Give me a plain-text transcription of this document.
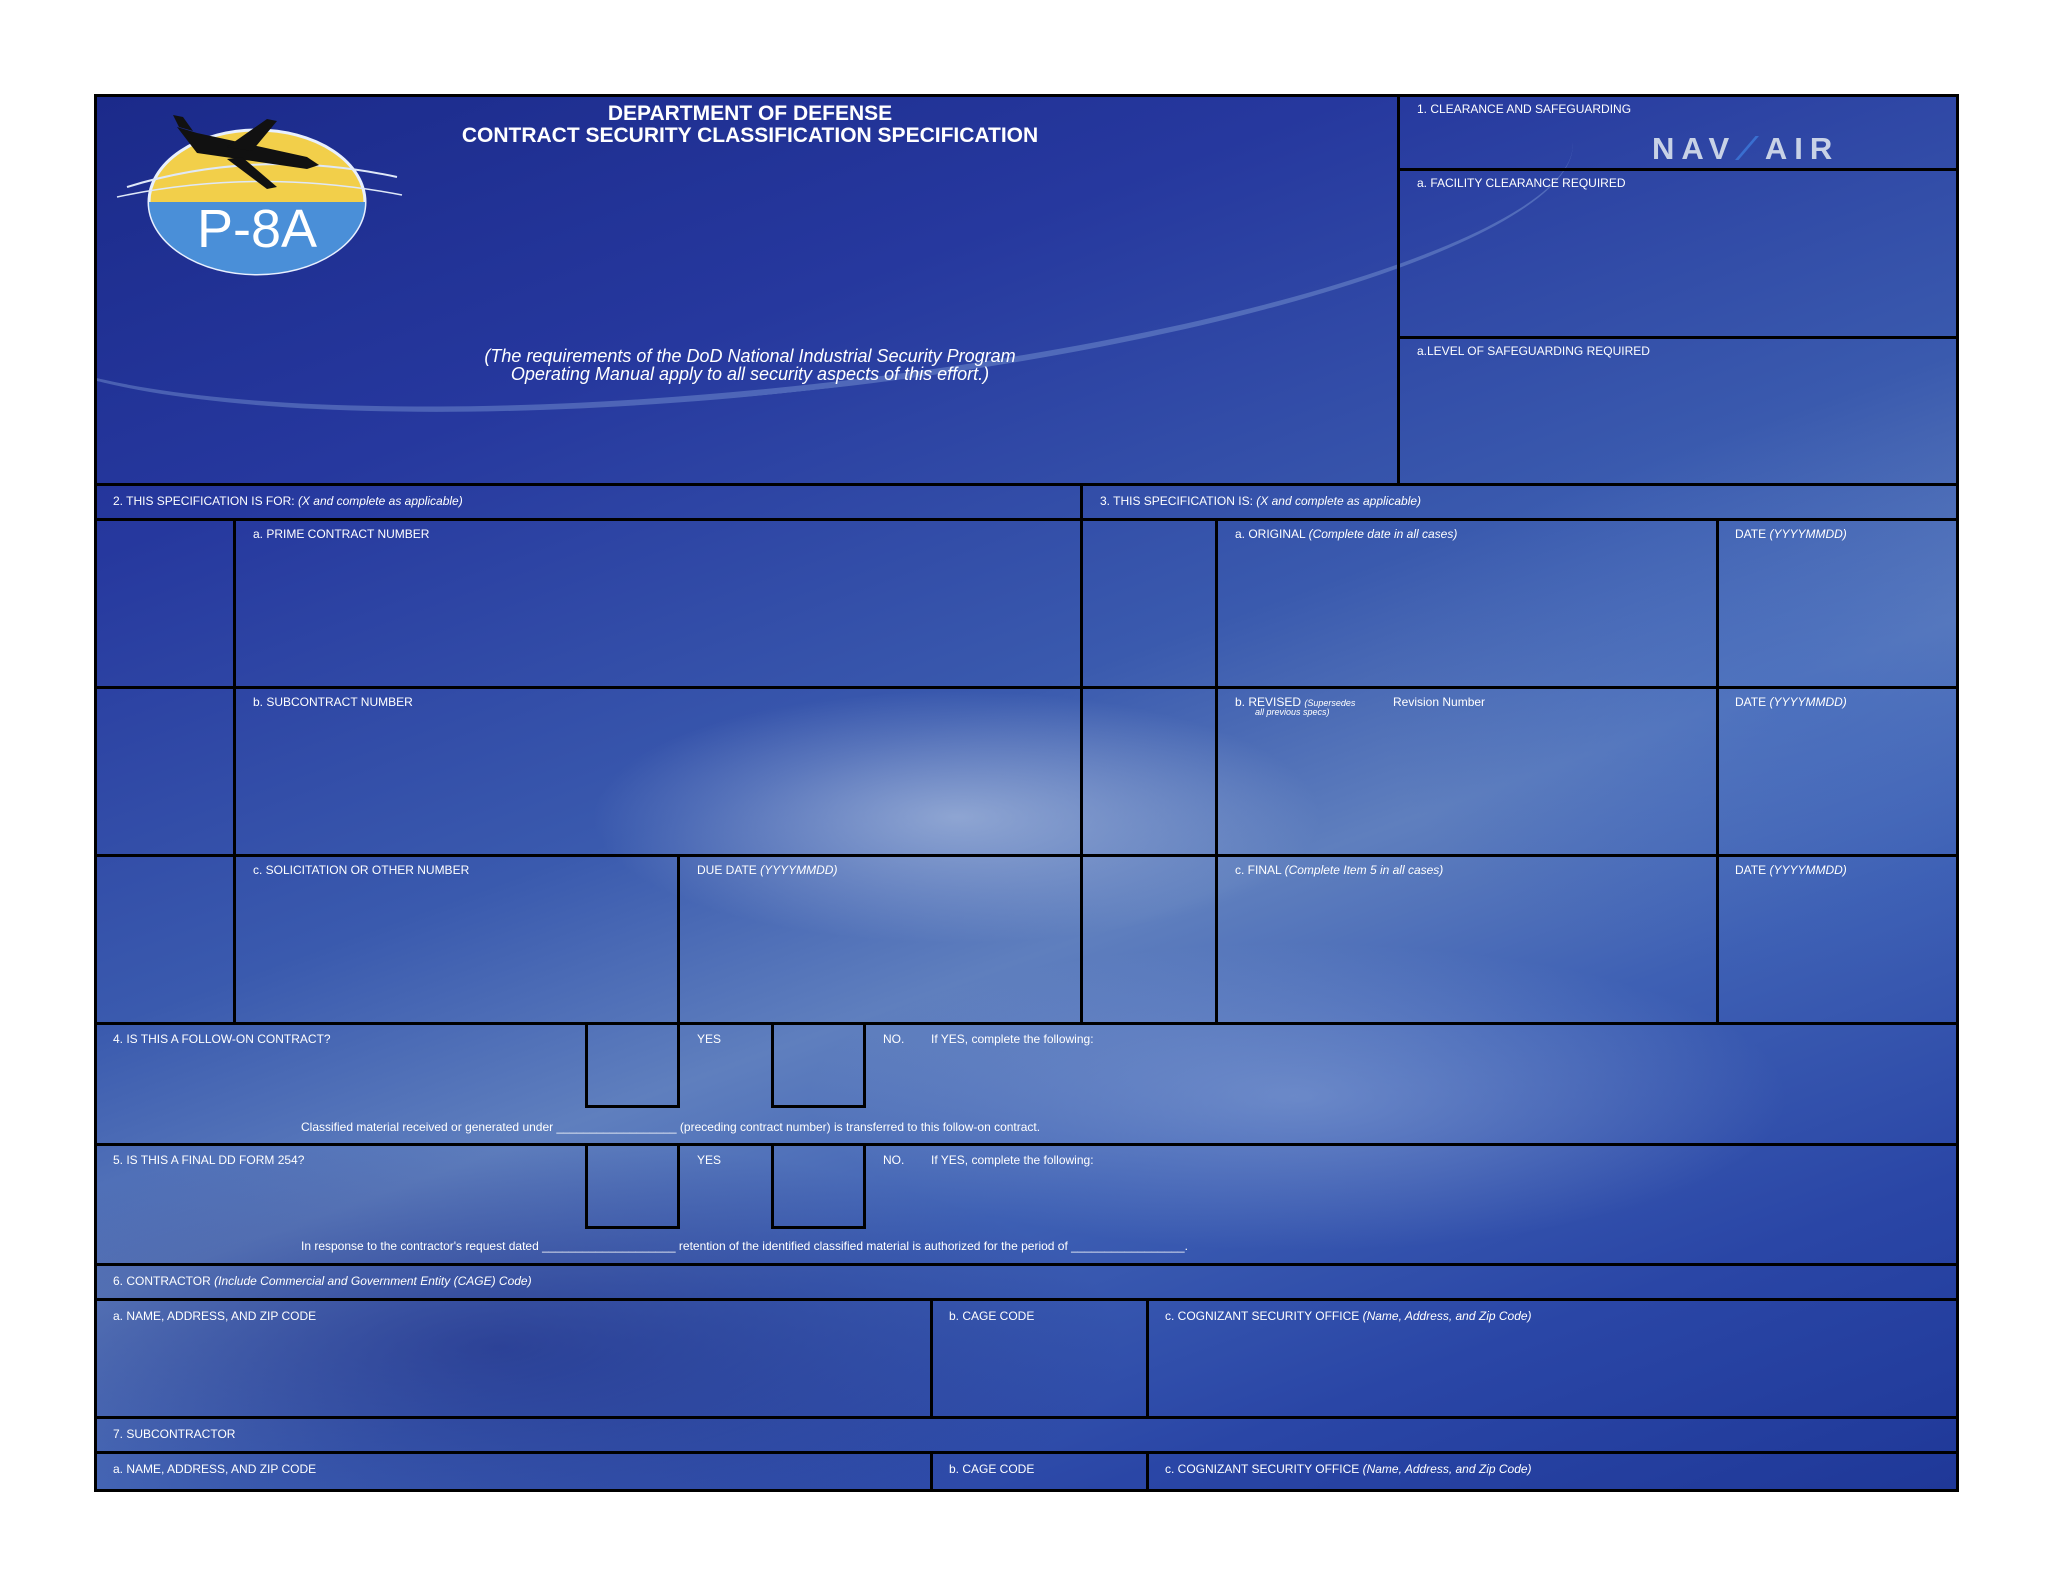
P-8A
NAV⟋AIR
DEPARTMENT OF DEFENSE
CONTRACT SECURITY CLASSIFICATION SPECIFICATION
(The requirements of the DoD National Industrial Security Program
Operating Manual apply to all security aspects of this effort.)
1. CLEARANCE AND SAFEGUARDING
a. FACILITY CLEARANCE REQUIRED
a.LEVEL OF SAFEGUARDING REQUIRED
2. THIS SPECIFICATION IS FOR: (X and complete as applicable)
a. PRIME CONTRACT NUMBER
b. SUBCONTRACT NUMBER
c. SOLICITATION OR OTHER NUMBER	DUE DATE (YYYYMMDD)
3. THIS SPECIFICATION IS: (X and complete as applicable)
a. ORIGINAL (Complete date in all cases)	DATE (YYYYMMDD)
b. REVISED (Supersedes
all previous specs)
Revision Number	DATE (YYYYMMDD)
c. FINAL (Complete Item 5 in all cases)	DATE (YYYYMMDD)
4. IS THIS A FOLLOW-ON CONTRACT?	YES	NO. If YES, complete the following:
Classified material received or generated under __________________ (preceding contract number) is transferred to this follow-on contract.
5. IS THIS A FINAL DD FORM 254?	YES	NO. If YES, complete the following:
In response to the contractor's request dated ____________________ retention of the identified classified material is authorized for the period of _________________.
6. CONTRACTOR (Include Commercial and Government Entity (CAGE) Code)
a. NAME, ADDRESS, AND ZIP CODE	b. CAGE CODE	c. COGNIZANT SECURITY OFFICE (Name, Address, and Zip Code)
7. SUBCONTRACTOR
a. NAME, ADDRESS, AND ZIP CODE	b. CAGE CODE	c. COGNIZANT SECURITY OFFICE (Name, Address, and Zip Code)
